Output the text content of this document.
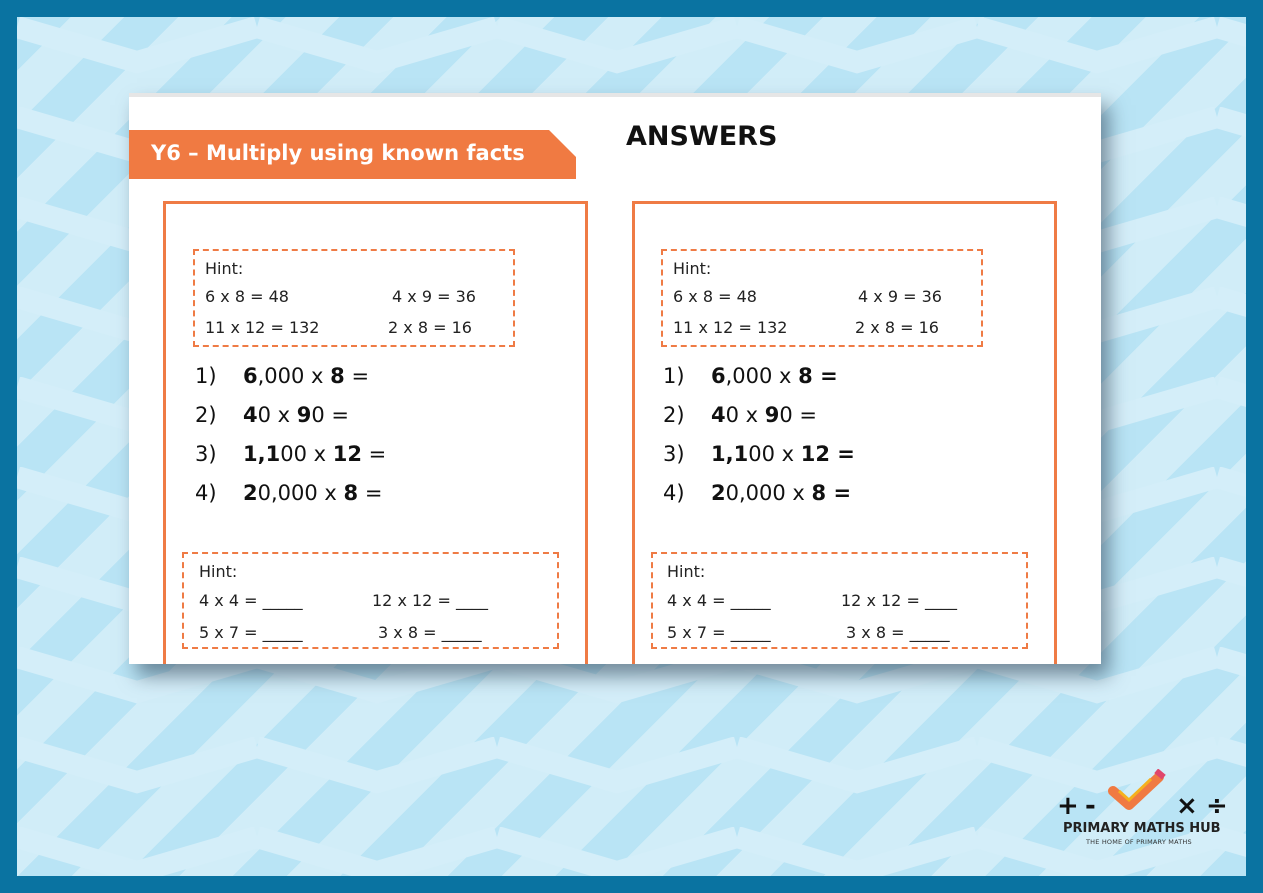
+ -	× ÷
PRIMARY MATHS HUB
THE HOME OF PRIMARY MATHS
Y6 – Multiply using known facts
ANSWERS
Hint:
6 x 8 = 48	4 x 9 = 36
11 x 12 = 132	2 x 8 = 16
1) 6,000 x 8 =
2) 40 x 90 =
3) 1,100 x 12 =
4) 20,000 x 8 =
Hint:
4 x 4 = _____	12 x 12 = ____
5 x 7 = _____	3 x 8 = _____
Hint:
6 x 8 = 48	4 x 9 = 36
11 x 12 = 132	2 x 8 = 16
1) 6,000 x 8 =
2) 40 x 90 =
3) 1,100 x 12 =
4) 20,000 x 8 =
Hint:
4 x 4 = _____	12 x 12 = ____
5 x 7 = _____	3 x 8 = _____
